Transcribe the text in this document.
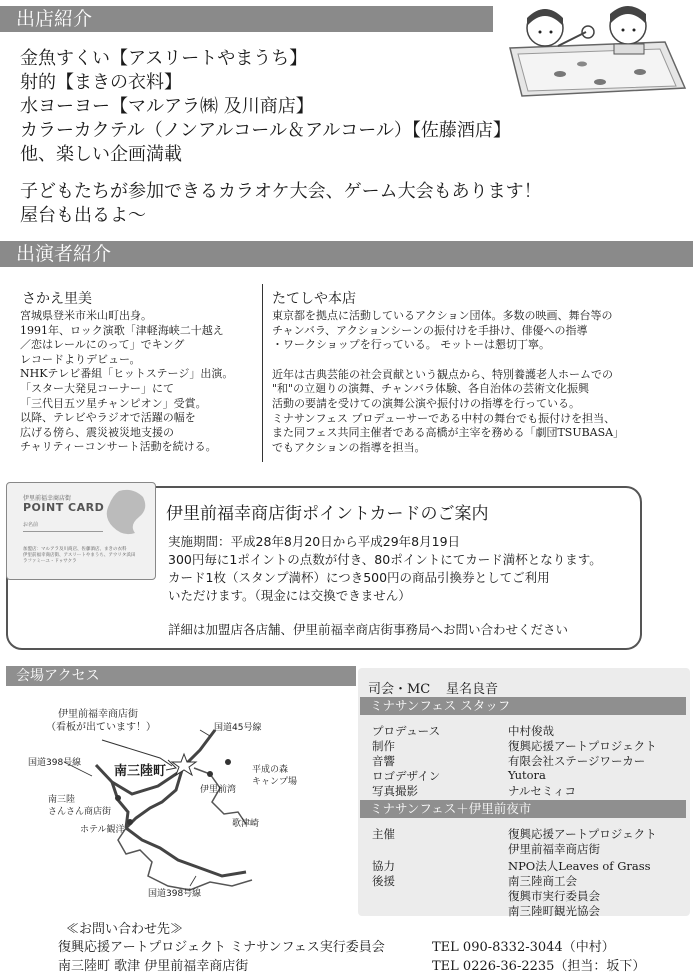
出店紹介
金魚すくい【アスリートやまうち】
射的【まきの衣料】
水ヨーヨー【マルアラ㈱ 及川商店】
カラーカクテル（ノンアルコール＆アルコール）【佐藤酒店】
他、楽しい企画満載
子どもたちが参加できるカラオケ大会、ゲーム大会もあります！
屋台も出るよ～
出演者紹介
さかえ里美
宮城県登米市米山町出身。
1991年、ロック演歌「津軽海峡二十越え
／恋はレールにのって」でキング
レコードよりデビュー。
NHKテレビ番組「ヒットステージ」出演。
「スター大発見コーナー」にて
「三代目五ツ星チャンピオン」受賞。
以降、テレビやラジオで活躍の幅を
広げる傍ら、震災被災地支援の
チャリティーコンサート活動を続ける。
たてしや本店
東京都を拠点に活動しているアクション団体。多数の映画、舞台等の
チャンバラ、アクションシーンの振付けを手掛け、俳優への指導
・ワークショップを行っている。 モットーは懇切丁寧。
近年は古典芸能の社会貢献という観点から、特別養護老人ホームでの
"和"の立廻りの演舞、チャンバラ体験、各自治体の芸術文化振興
活動の要請を受けての演舞公演や振付けの指導を行っている。
ミナサンフェス プロデューサーである中村の舞台でも振付けを担当、
また同フェス共同主催者である高橋が主宰を務める「劇団TSUBASA」
でもアクションの指導を担当。
伊里前福幸商店街
POINT CARD
お名前
加盟店：マルアラ及川商店、佐藤酒店、まきの衣料
伊里前福幸商店街、アスリートやまうち、アウリタ浜田
ラファミーユ・ドゥサクラ
伊里前福幸商店街ポイントカードのご案内
実施期間：平成28年8月20日から平成29年8月19日
300円毎に1ポイントの点数が付き、80ポイントにてカード満杯となります。
カード1枚（スタンプ満杯）につき500円の商品引換券としてご利用
いただけます。（現金には交換できません）
詳細は加盟店各店舗、伊里前福幸商店街事務局へお問い合わせください
会場アクセス
伊里前福幸商店街
（看板が出ています！）	国道45号線
国道398号線
南三陸町	平成の森
キャンプ場
伊里前湾
南三陸
さんさん商店街
ホテル観洋
歌津崎
国道398号線
司会・MC 星名良音
ミナサンフェス スタッフ
プロデュース	中村俊哉
制作	復興応援アートプロジェクト
音響	有限会社ステージワーカー
ロゴデザイン	Yutora
写真撮影	ナルセミィコ
ミナサンフェス＋伊里前夜市
主催	復興応援アートプロジェクト
伊里前福幸商店街
協力	NPO法人Leaves of Grass
後援	南三陸商工会
復興市実行委員会
南三陸町観光協会
≪お問い合わせ先≫
復興応援アートプロジェクト ミナサンフェス実行委員会	TEL 090-8332-3044（中村）
南三陸町 歌津 伊里前福幸商店街	TEL 0226-36-2235（担当：坂下）
